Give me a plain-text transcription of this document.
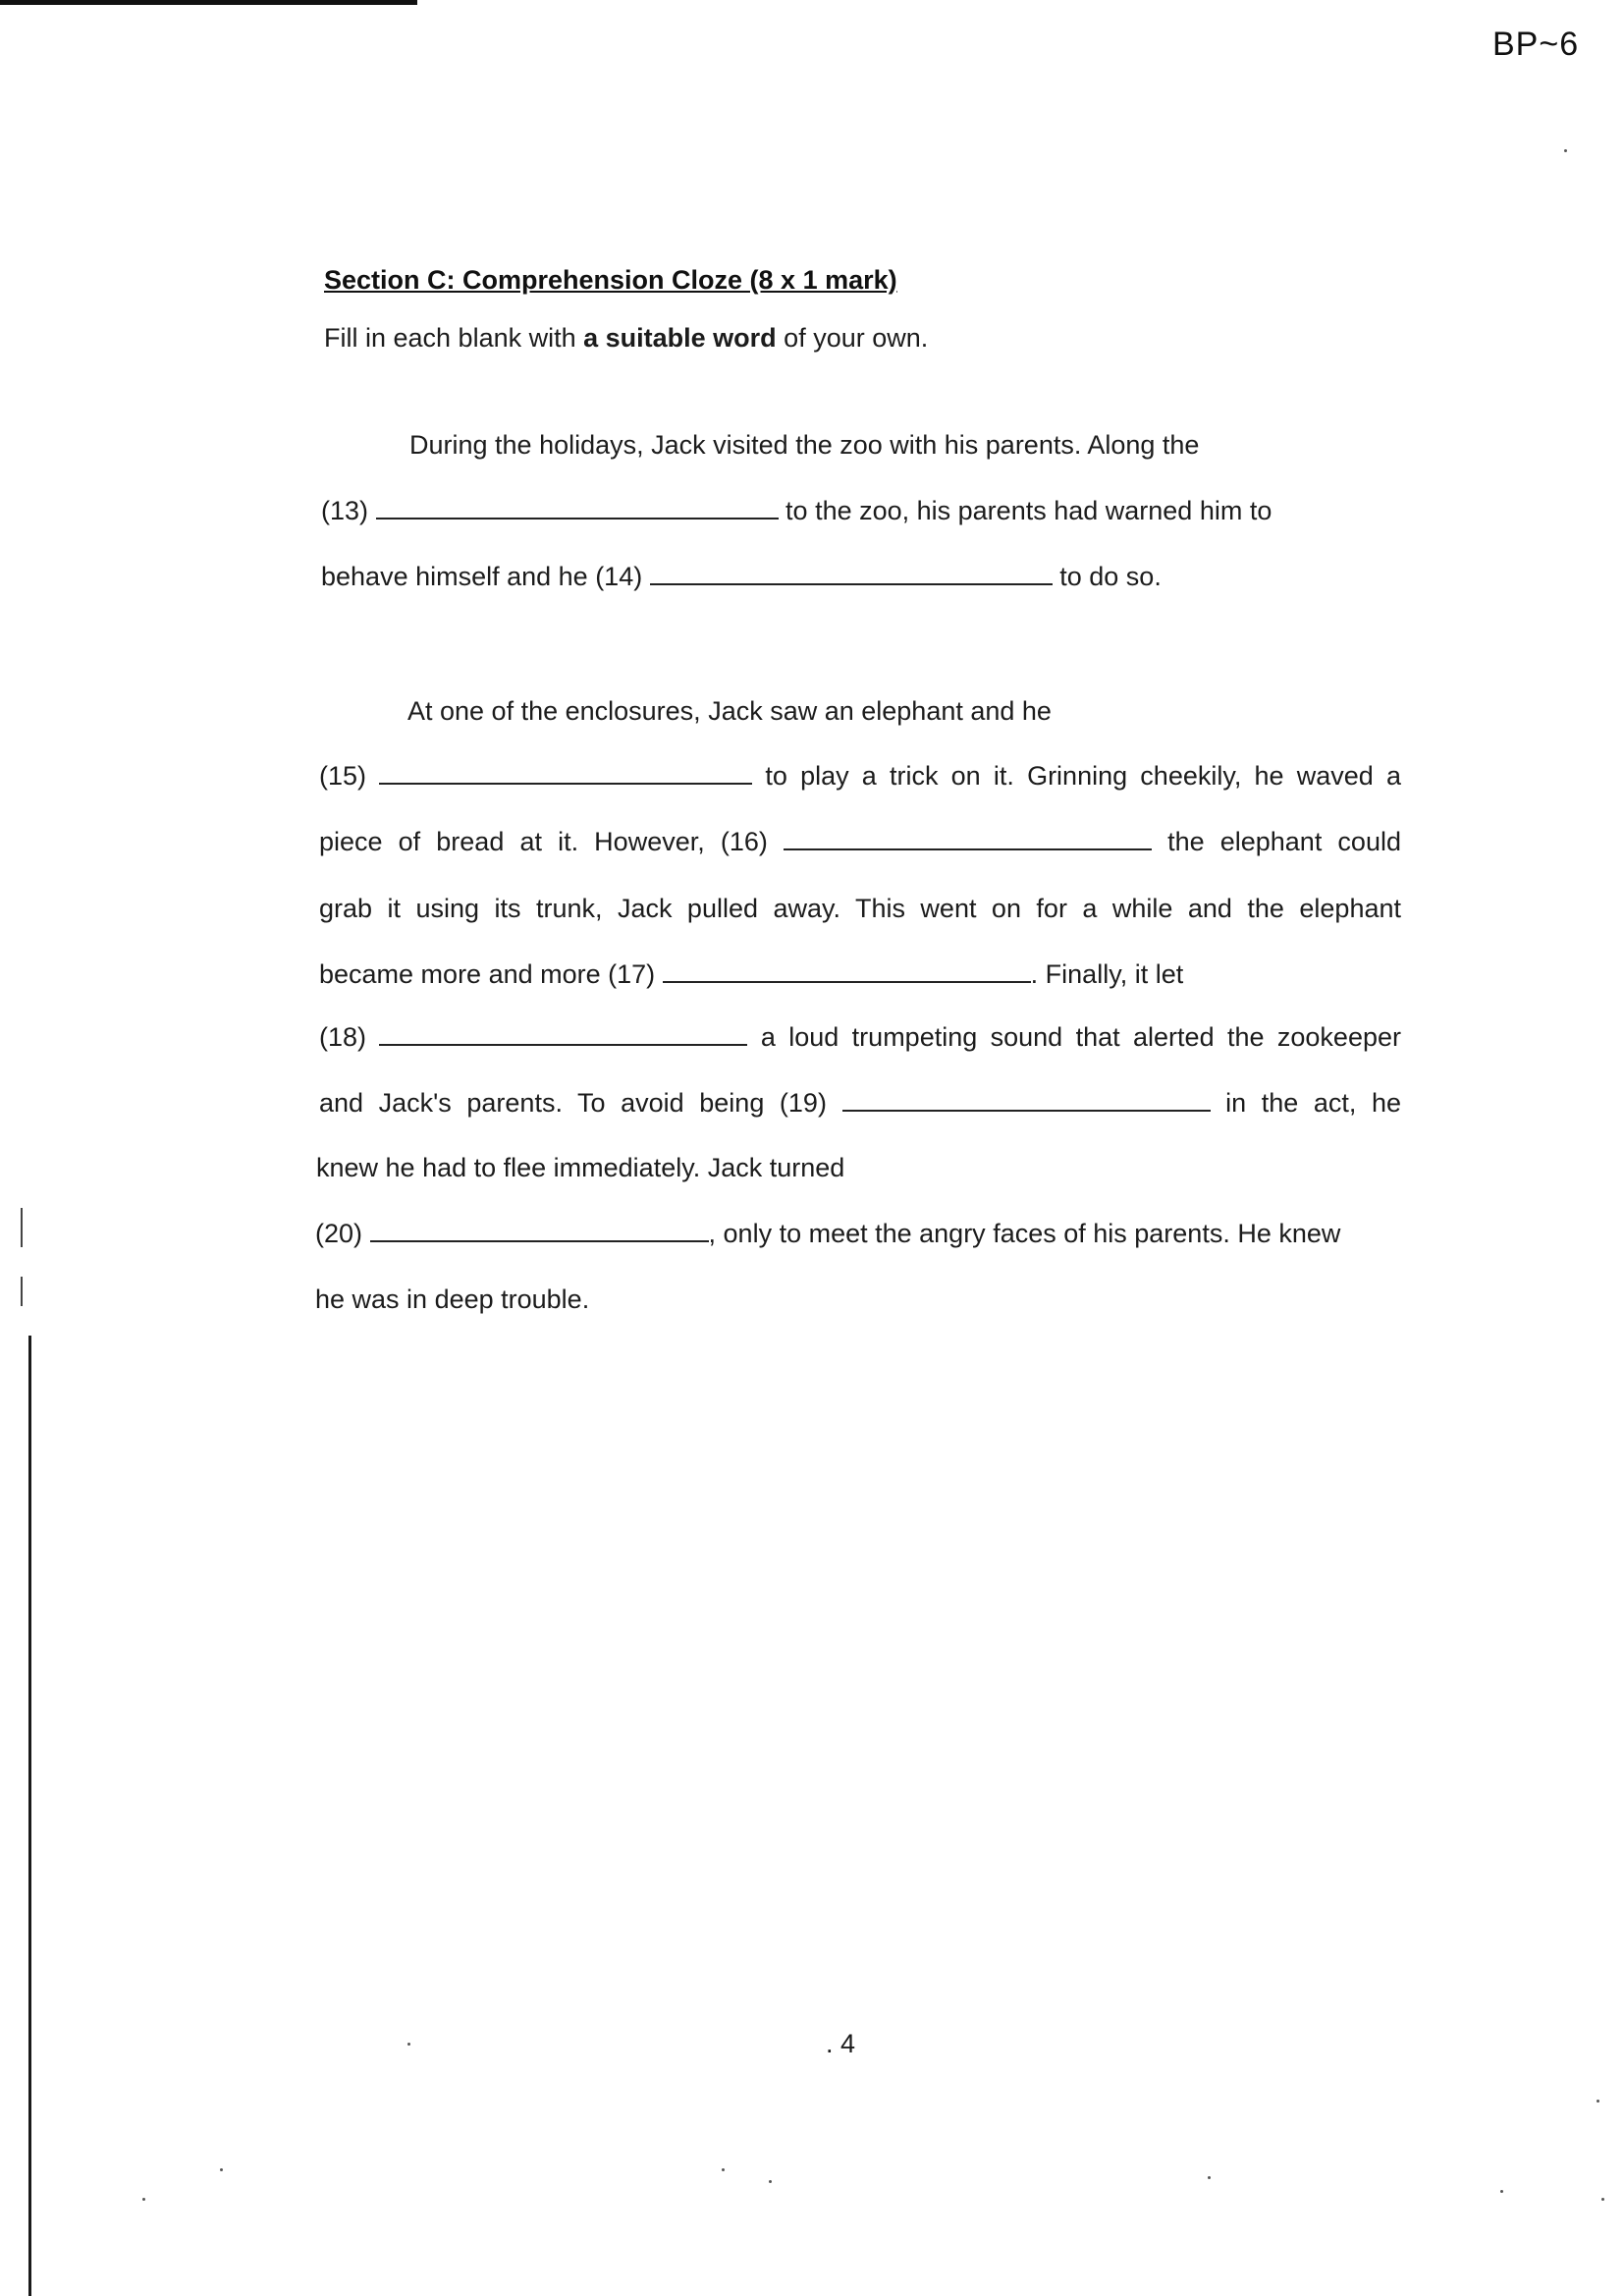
BP~6
Section C: Comprehension Cloze (8 x 1 mark)
Fill in each blank with a suitable word of your own.
During the holidays, Jack visited the zoo with his parents. Along the
(13)	to the zoo, his parents had warned him to
behave himself and he (14)	to do so.
At one of the enclosures, Jack saw an elephant and he
(15)	to play a trick on it. Grinning cheekily, he waved a
piece of bread at it. However, (16)	the elephant could
grab it using its trunk, Jack pulled away. This went on for a while and the elephant
became more and more (17)	. Finally, it let
(18)	a loud trumpeting sound that alerted the zookeeper
and Jack's parents. To avoid being (19)	in the act, he
knew he had to flee immediately. Jack turned
(20)	, only to meet the angry faces of his parents. He knew
he was in deep trouble.
. 4
